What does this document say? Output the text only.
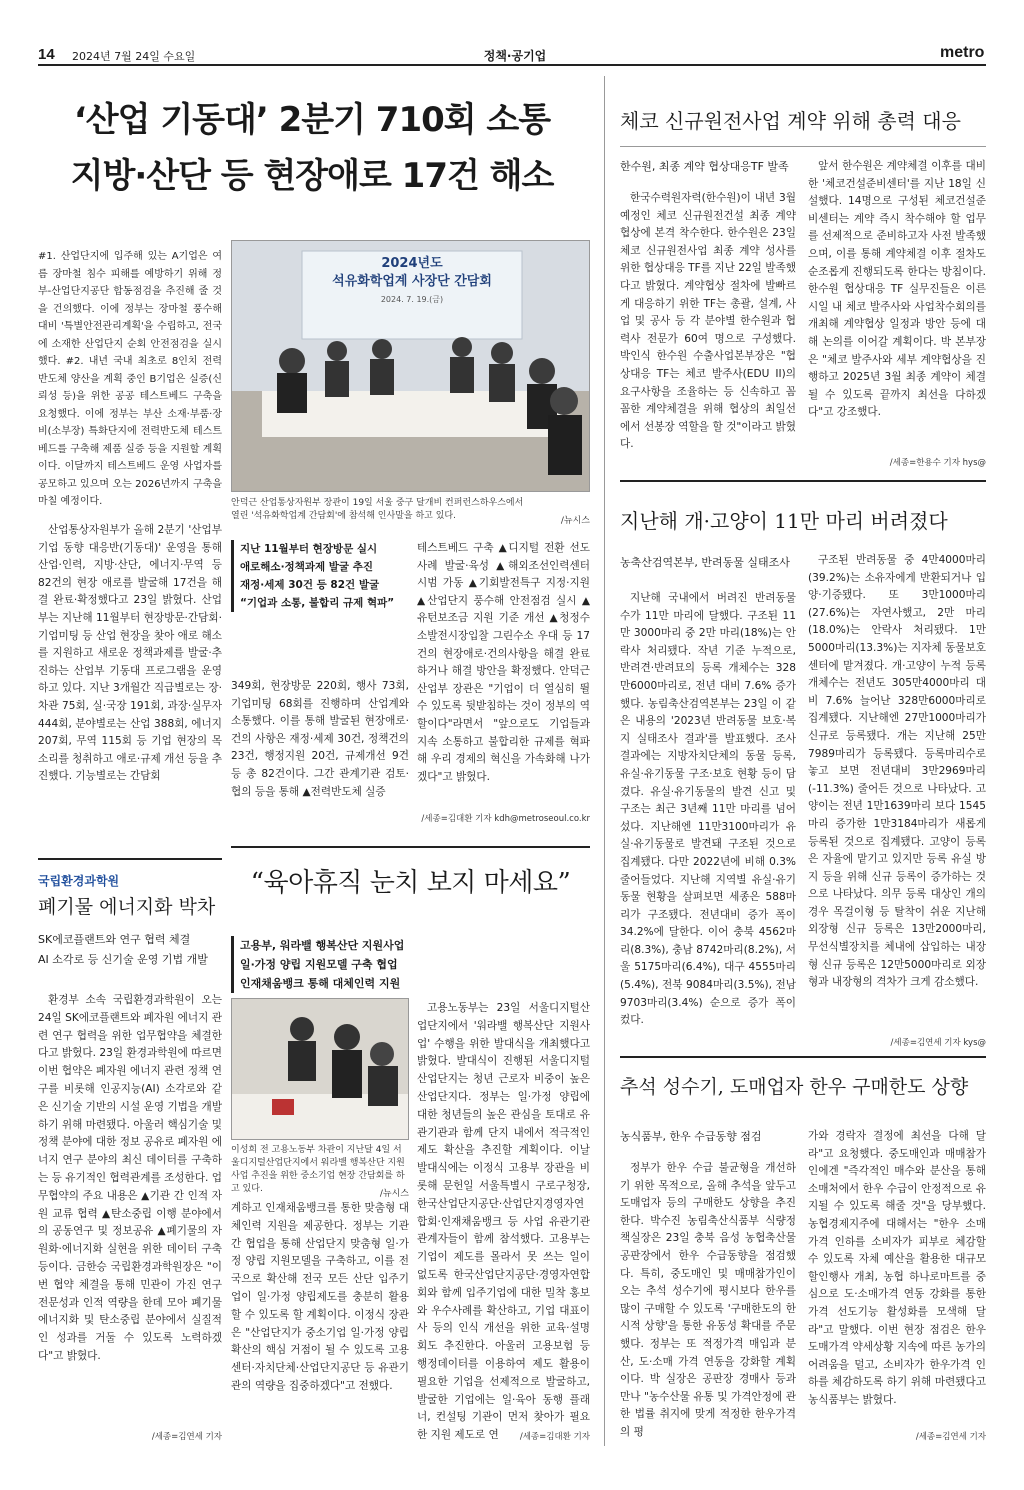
14 2024년 7월 24일 수요일	정책·공기업	metro
‘산업 기동대’ 2분기 710회 소통
지방·산단 등 현장애로 17건 해소
#1. 산업단지에 입주해 있는 A기업은 여름 장마철 침수 피해를 예방하기 위해 정부-산업단지공단 합동점검을 추진해 줄 것을 건의했다. 이에 정부는 장마철 풍수해 대비 '특별안전관리계획'을 수립하고, 전국에 소재한 산업단지 순회 안전점검을 실시했다. #2. 내년 국내 최초로 8인치 전력 반도체 양산을 계획 중인 B기업은 실증(신뢰성 등)을 위한 공공 테스트베드 구축을 요청했다. 이에 정부는 부산 소재·부품·장비(소부장) 특화단지에 전력반도체 테스트베드를 구축해 제품 실증 등을 지원할 계획이다. 이달까지 테스트베드 운영 사업자를 공모하고 있으며 오는 2026년까지 구축을 마칠 예정이다.
2024년도
석유화학업계 사장단 간담회
2024. 7. 19.(금)
안덕근 산업통상자원부 장관이 19일 서울 중구 달개비 컨퍼런스하우스에서 열린 '석유화학업계 간담회'에 참석해 인사말을 하고 있다.	/뉴시스

산업통상자원부가 올해 2분기 '산업부 기업 동향 대응반(기동대)' 운영을 통해 산업·인력, 지방·산단, 에너지·무역 등 82건의 현장 애로를 발굴해 17건을 해결 완료·확정했다고 23일 밝혔다. 산업부는 지난해 11월부터 현장방문·간담회·기업미팅 등 산업 현장을 찾아 애로 해소를 지원하고 새로운 정책과제를 발굴·추진하는 산업부 기동대 프로그램을 운영하고 있다. 지난 3개월간 직급별로는 장·차관 75회, 실·국장 191회, 과장·실무자 444회, 분야별로는 산업 388회, 에너지 207회, 무역 115회 등 기업 현장의 목소리를 청취하고 애로·규제 개선 등을 추진했다. 기능별로는 간담회

지난 11월부터 현장방문 실시
애로해소·정책과제 발굴 추진
재정·세제 30건 등 82건 발굴
“기업과 소통, 불합리 규제 혁파”
349회, 현장방문 220회, 행사 73회, 기업미팅 68회를 진행하며 산업계와 소통했다. 이를 통해 발굴된 현장애로·건의 사항은 재정·세제 30건, 정책건의 23건, 행정지원 20건, 규제개선 9건 등 총 82건이다. 그간 관계기관 검토·협의 등을 통해 ▲전력반도체 실증
테스트베드 구축 ▲디지털 전환 선도사례 발굴·육성 ▲해외조선인력센터 시범 가동 ▲기회발전특구 지정·지원 ▲산업단지 풍수해 안전점검 실시 ▲유턴보조금 지원 기준 개선 ▲청정수소발전시장입찰 그린수소 우대 등 17건의 현장애로·건의사항을 해결 완료하거나 해결 방안을 확정했다. 안덕근 산업부 장관은 "기업이 더 열심히 뛸 수 있도록 뒷받침하는 것이 정부의 역할이다"라면서 "앞으로도 기업들과 지속 소통하고 불합리한 규제를 혁파해 우리 경제의 혁신을 가속화해 나가겠다"고 밝혔다.
/세종=김대환 기자 kdh@metroseoul.co.kr
국립환경과학원
폐기물 에너지화 박차
SK에코플랜트와 연구 협력 체결
AI 소각로 등 신기술 운영 기법 개발

환경부 소속 국립환경과학원이 오는 24일 SK에코플랜트와 폐자원 에너지 관련 연구 협력을 위한 업무협약을 체결한다고 밝혔다. 23일 환경과학원에 따르면 이번 협약은 폐자원 에너지 관련 정책 연구를 비롯해 인공지능(AI) 소각로와 같은 신기술 기반의 시설 운영 기법을 개발하기 위해 마련됐다. 아울러 핵심기술 및 정책 분야에 대한 정보 공유로 폐자원 에너지 연구 분야의 최신 데이터를 구축하는 등 유기적인 협력관계를 조성한다. 업무협약의 주요 내용은 ▲기관 간 인적 자원 교류 협력 ▲탄소중립 이행 분야에서의 공동연구 및 정보공유 ▲폐기물의 자원화·에너지화 실현을 위한 데이터 구축 등이다. 금한승 국립환경과학원장은 "이번 협약 체결을 통해 민관이 가진 연구 전문성과 인적 역량을 한데 모아 폐기물 에너지화 및 탄소중립 분야에서 실질적인 성과를 거둘 수 있도록 노력하겠다"고 밝혔다.

/세종=김연세 기자
“육아휴직 눈치 보지 마세요”
고용부, 워라밸 행복산단 지원사업
일·가정 양립 지원모델 구축 협업
인재채움뱅크 통해 대체인력 지원
이성희 전 고용노동부 차관이 지난달 4일 서울디지털산업단지에서 워라밸 행복산단 지원사업 추진을 위한 중소기업 현장 간담회를 하고 있다.	/뉴시스
계하고 인재채움뱅크를 통한 맞춤형 대체인력 지원을 제공한다. 정부는 기관 간 협업을 통해 산업단지 맞춤형 일·가정 양립 지원모델을 구축하고, 이를 전국으로 확산해 전국 모든 산단 입주기업이 일·가정 양립제도를 충분히 활용할 수 있도록 할 계획이다. 이정식 장관은 "산업단지가 중소기업 일·가정 양립 확산의 핵심 거점이 될 수 있도록 고용센터·자치단체·산업단지공단 등 유관기관의 역량을 집중하겠다"고 전했다.

고용노동부는 23일 서울디지털산업단지에서 '워라밸 행복산단 지원사업' 수행을 위한 발대식을 개최했다고 밝혔다. 발대식이 진행된 서울디지털산업단지는 청년 근로자 비중이 높은 산업단지다. 정부는 일·가정 양립에 대한 청년들의 높은 관심을 토대로 유관기관과 함께 단지 내에서 적극적인 제도 확산을 추진할 계획이다. 이날 발대식에는 이정식 고용부 장관을 비롯해 문헌일 서울특별시 구로구청장, 한국산업단지공단·산업단지경영자연합회·인재채움뱅크 등 사업 유관기관 관계자들이 함께 참석했다. 고용부는 기업이 제도를 몰라서 못 쓰는 일이 없도록 한국산업단지공단·경영자연합회와 함께 입주기업에 대한 밀착 홍보와 우수사례를 확산하고, 기업 대표이사 등의 인식 개선을 위한 교육·설명회도 추진한다. 아울러 고용보험 등 행정데이터를 이용하여 제도 활용이 필요한 기업을 선제적으로 발굴하고, 발굴한 기업에는 일·육아 동행 플래너, 컨설팅 기관이 먼저 찾아가 필요한 지원 제도로 연	/세종=김대환 기자
체코 신규원전사업 계약 위해 총력 대응
한수원, 최종 계약 협상대응TF 발족

한국수력원자력(한수원)이 내년 3월 예정인 체코 신규원전건설 최종 계약 협상에 본격 착수한다. 한수원은 23일 체코 신규원전사업 최종 계약 성사를 위한 협상대응 TF를 지난 22일 발족했다고 밝혔다. 계약협상 절차에 발빠르게 대응하기 위한 TF는 총괄, 설계, 사업 및 공사 등 각 분야별 한수원과 협력사 전문가 60여 명으로 구성했다. 박인식 한수원 수출사업본부장은 "협상대응 TF는 체코 발주사(EDU II)의 요구사항을 조율하는 등 신속하고 꼼꼼한 계약체결을 위해 협상의 최일선에서 선봉장 역할을 할 것"이라고 밝혔다.

앞서 한수원은 계약체결 이후를 대비한 '체코건설준비센터'를 지난 18일 신설했다. 14명으로 구성된 체코건설준비센터는 계약 즉시 착수해야 할 업무를 선제적으로 준비하고자 사전 발족했으며, 이를 통해 계약체결 이후 절차도 순조롭게 진행되도록 한다는 방침이다. 한수원 협상대응 TF 실무진들은 이른 시일 내 체코 발주사와 사업착수회의를 개최해 계약협상 일정과 방안 등에 대해 논의를 이어갈 계획이다. 박 본부장은 "체코 발주사와 세부 계약협상을 진행하고 2025년 3월 최종 계약이 체결될 수 있도록 끝까지 최선을 다하겠다"고 강조했다.

/세종=한용수 기자 hys@
지난해 개·고양이 11만 마리 버려졌다
농축산검역본부, 반려동물 실태조사

지난해 국내에서 버려진 반려동물 수가 11만 마리에 달했다. 구조된 11만 3000마리 중 2만 마리(18%)는 안락사 처리됐다. 작년 기준 누적으로, 반려견·반려묘의 등록 개체수는 328만6000마리로, 전년 대비 7.6% 증가했다. 농림축산검역본부는 23일 이 같은 내용의 '2023년 반려동물 보호·복지 실태조사 결과'를 발표했다. 조사 결과에는 지방자치단체의 동물 등록, 유실·유기동물 구조·보호 현황 등이 담겼다. 유실·유기동물의 발견 신고 및 구조는 최근 3년째 11만 마리를 넘어섰다. 지난해엔 11만3100마리가 유실·유기동물로 발견돼 구조된 것으로 집계됐다. 다만 2022년에 비해 0.3% 줄어들었다. 지난해 지역별 유실·유기동물 현황을 살펴보면 세종은 588마리가 구조됐다. 전년대비 증가 폭이 34.2%에 달한다. 이어 충북 4562마리(8.3%), 충남 8742마리(8.2%), 서울 5175마리(6.4%), 대구 4555마리(5.4%), 전북 9084마리(3.5%), 전남 9703마리(3.4%) 순으로 증가 폭이 컸다.

구조된 반려동물 중 4만4000마리(39.2%)는 소유자에게 반환되거나 입양·기증됐다. 또 3만1000마리(27.6%)는 자연사했고, 2만 마리(18.0%)는 안락사 처리됐다. 1만5000마리(13.3%)는 지자체 동물보호센터에 맡겨졌다. 개·고양이 누적 등록 개체수는 전년도 305만4000마리 대비 7.6% 늘어난 328만6000마리로 집계됐다. 지난해엔 27만1000마리가 신규로 등록됐다. 개는 지난해 25만7989마리가 등록됐다. 등록마리수로 놓고 보면 전년대비 3만2969마리(-11.3%) 줄어든 것으로 나타났다. 고양이는 전년 1만1639마리 보다 1545마리 증가한 1만3184마리가 새롭게 등록된 것으로 집계됐다. 고양이 등록은 자율에 맡기고 있지만 등록 유실 방지 등을 위해 신규 등록이 증가하는 것으로 나타났다. 의무 등록 대상인 개의 경우 목걸이형 등 탈착이 쉬운 지난해 외장형 신규 등록은 13만2000마리, 무선식별장치를 체내에 삽입하는 내장형 신규 등록은 12만5000마리로 외장형과 내장형의 격차가 크게 감소했다.

/세종=김연세 기자 kys@
추석 성수기, 도매업자 한우 구매한도 상향
농식품부, 한우 수급동향 점검

정부가 한우 수급 불균형을 개선하기 위한 목적으로, 올해 추석을 앞두고 도매업자 등의 구매한도 상향을 추진한다. 박수진 농림축산식품부 식량정책실장은 23일 충북 음성 농협축산물공판장에서 한우 수급동향을 점검했다. 특히, 중도매인 및 매매참가인이 오는 추석 성수기에 평시보다 한우를 많이 구매할 수 있도록 '구매한도의 한시적 상향'을 통한 유동성 확대를 주문했다. 정부는 또 적정가격 매입과 분산, 도·소매 가격 연동을 강화할 계획이다. 박 실장은 공판장 경매사 등과 만나 "농수산물 유통 및 가격안정에 관한 법률 취지에 맞게 적정한 한우가격의 평

가와 경락자 결정에 최선을 다해 달라"고 요청했다. 중도매인과 매매참가인에겐 "즉각적인 매수와 분산을 통해 소매처에서 한우 수급이 안정적으로 유지될 수 있도록 해줄 것"을 당부했다. 농협경제지주에 대해서는 "한우 소매가격 인하를 소비자가 피부로 체감할 수 있도록 자체 예산을 활용한 대규모 할인행사 개최, 농협 하나로마트를 중심으로 도·소매가격 연동 강화를 통한 가격 선도기능 활성화를 모색해 달라"고 말했다. 이번 현장 점검은 한우 도매가격 약세상황 지속에 따른 농가의 어려움을 덜고, 소비자가 한우가격 인하를 체감하도록 하기 위해 마련됐다고 농식품부는 밝혔다.
/세종=김연세 기자
